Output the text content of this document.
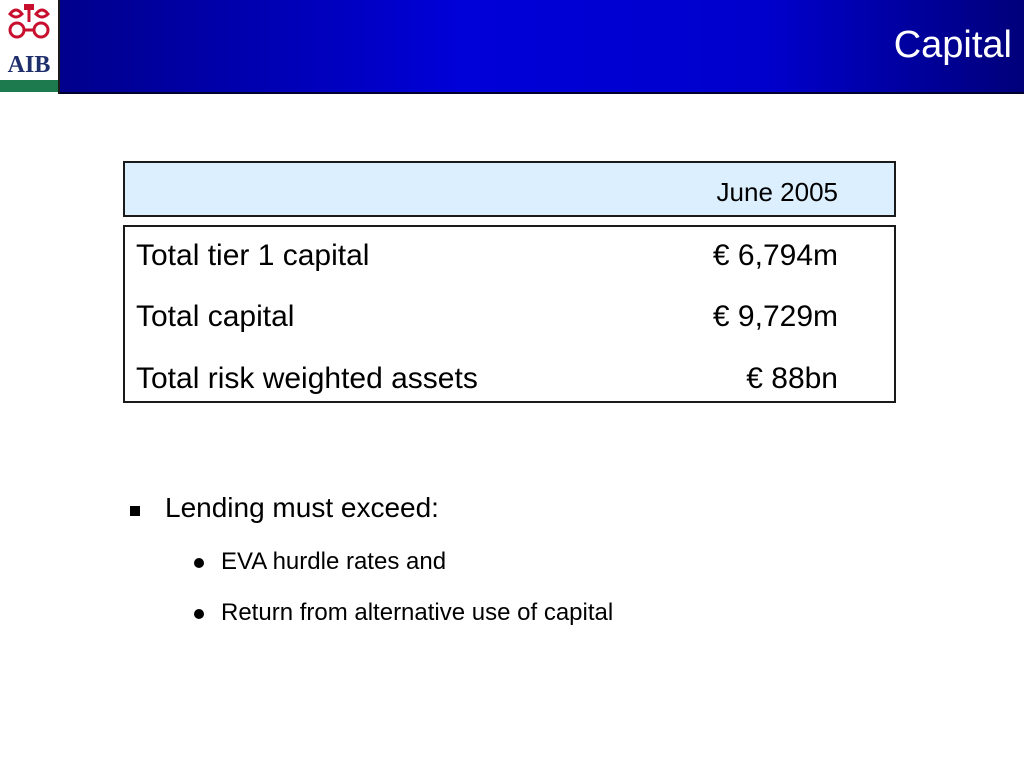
AIB	Capital
June 2005
Total tier 1 capital	€ 6,794m
Total capital	€ 9,729m
Total risk weighted assets	€ 88bn
Lending must exceed:
EVA hurdle rates and
Return from alternative use of capital
